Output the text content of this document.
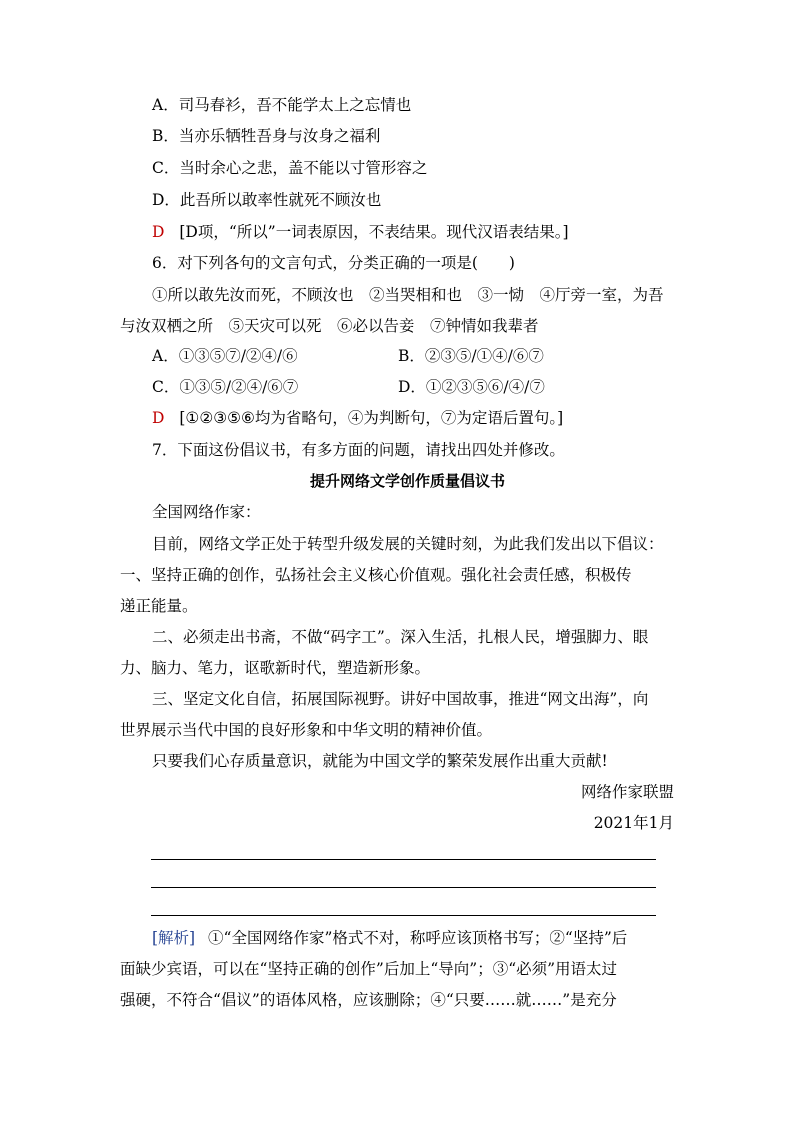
A．司马春衫，吾不能学太上之忘情也
B．当亦乐牺牲吾身与汝身之福利
C．当时余心之悲，盖不能以寸管形容之
D．此吾所以敢率性就死不顾汝也
D [D项，“所以”一词表原因，不表结果。现代汉语表结果。]
6．对下列各句的文言句式，分类正确的一项是(　　)
①所以敢先汝而死，不顾汝也　②当哭相和也　③一恸　④厅旁一室，为吾
与汝双栖之所　⑤天灾可以死　⑥必以告妾　⑦钟情如我辈者
A．①③⑤⑦/②④/⑥	B．②③⑤/①④/⑥⑦
C．①③⑤/②④/⑥⑦	D．①②③⑤⑥/④/⑦
D [①②③⑤⑥均为省略句，④为判断句，⑦为定语后置句。]
7．下面这份倡议书，有多方面的问题，请找出四处并修改。
提升网络文学创作质量倡议书
全国网络作家：
目前，网络文学正处于转型升级发展的关键时刻，为此我们发出以下倡议：
一、坚持正确的创作，弘扬社会主义核心价值观。强化社会责任感，积极传
递正能量。
二、必须走出书斋，不做“码字工”。深入生活，扎根人民，增强脚力、眼
力、脑力、笔力，讴歌新时代，塑造新形象。
三、坚定文化自信，拓展国际视野。讲好中国故事，推进“网文出海”，向
世界展示当代中国的良好形象和中华文明的精神价值。
只要我们心存质量意识，就能为中国文学的繁荣发展作出重大贡献!
网络作家联盟
2021年1月
[解析] ①“全国网络作家”格式不对，称呼应该顶格书写；②“坚持”后
面缺少宾语，可以在“坚持正确的创作”后加上“导向”；③“必须”用语太过
强硬，不符合“倡议”的语体风格，应该删除；④“只要……就……”是充分
